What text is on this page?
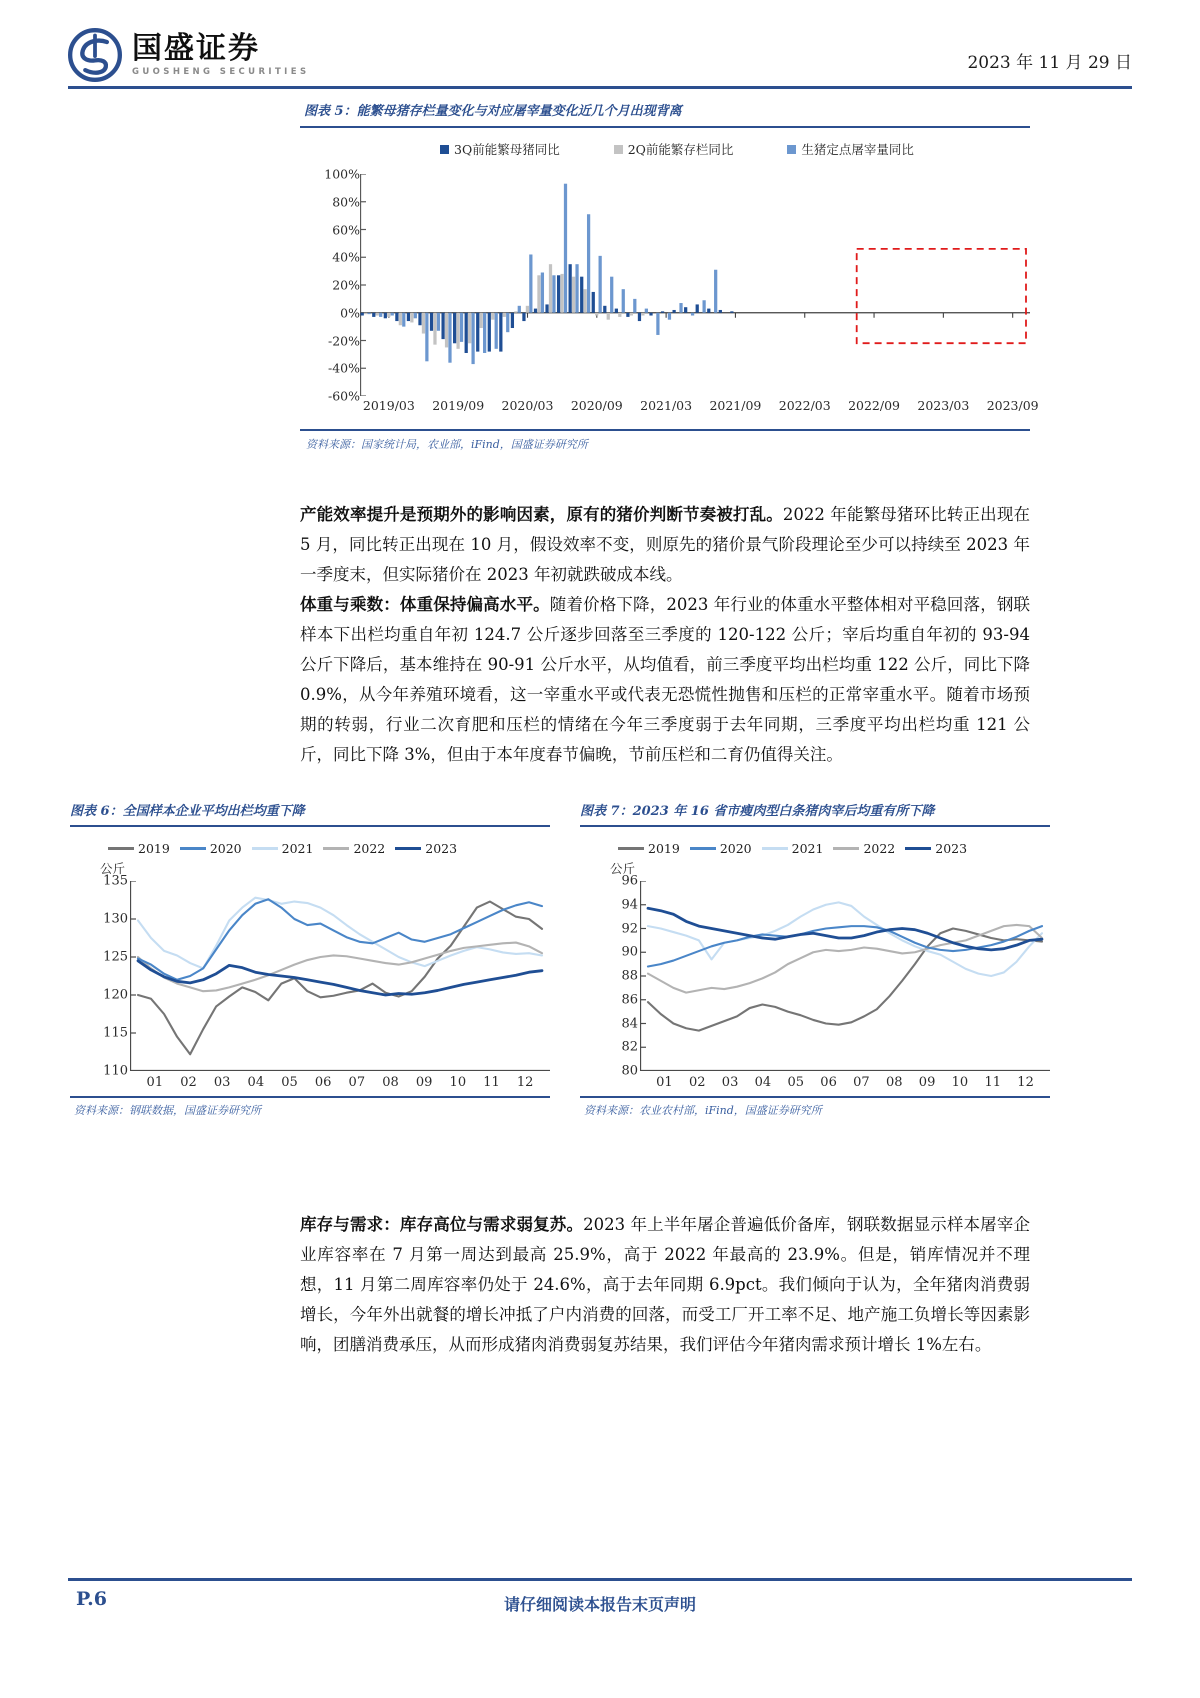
国盛证券
GUOSHENG SECURITIES	2023 年 11 月 29 日
图表 5：能繁母猪存栏量变化与对应屠宰量变化近几个月出现背离
3Q前能繁母猪同比	2Q前能繁存栏同比	生猪定点屠宰量同比
100%
80%
60%
40%
20%
0%
-20%
-40%
-60%
2019/03 2019/09 2020/03 2020/09 2021/03 2021/09 2022/03 2022/09 2023/03 2023/09
资料来源：国家统计局，农业部，iFind，国盛证券研究所
产能效率提升是预期外的影响因素，原有的猪价判断节奏被打乱。2022 年能繁母猪环比转正出现在 5 月，同比转正出现在 10 月，假设效率不变，则原先的猪价景气阶段理论至少可以持续至 2023 年一季度末，但实际猪价在 2023 年初就跌破成本线。
体重与乘数：体重保持偏高水平。随着价格下降，2023 年行业的体重水平整体相对平稳回落，钢联样本下出栏均重自年初 124.7 公斤逐步回落至三季度的 120-122 公斤；宰后均重自年初的 93-94 公斤下降后，基本维持在 90-91 公斤水平，从均值看，前三季度平均出栏均重 122 公斤，同比下降 0.9%，从今年养殖环境看，这一宰重水平或代表无恐慌性抛售和压栏的正常宰重水平。随着市场预期的转弱，行业二次育肥和压栏的情绪在今年三季度弱于去年同期，三季度平均出栏均重 121 公斤，同比下降 3%，但由于本年度春节偏晚，节前压栏和二育仍值得关注。
图表 6：全国样本企业平均出栏均重下降
公斤
2019	2020	2021	2022	2023
110
115
120
125
130
135
01 02 03 04 05 06 07 08 09 10 11 12
资料来源：钢联数据，国盛证券研究所
图表 7：2023 年 16 省市瘦肉型白条猪肉宰后均重有所下降
公斤
2019	2020	2021	2022	2023
80
82
84
86
88
90
92
94
96
01 02 03 04 05 06 07 08 09 10 11 12
资料来源：农业农村部，iFind，国盛证券研究所
库存与需求：库存高位与需求弱复苏。2023 年上半年屠企普遍低价备库，钢联数据显示样本屠宰企业库容率在 7 月第一周达到最高 25.9%，高于 2022 年最高的 23.9%。但是，销库情况并不理想，11 月第二周库容率仍处于 24.6%，高于去年同期 6.9pct。我们倾向于认为，全年猪肉消费弱增长，今年外出就餐的增长冲抵了户内消费的回落，而受工厂开工率不足、地产施工负增长等因素影响，团膳消费承压，从而形成猪肉消费弱复苏结果，我们评估今年猪肉需求预计增长 1%左右。
P.6	请仔细阅读本报告末页声明
